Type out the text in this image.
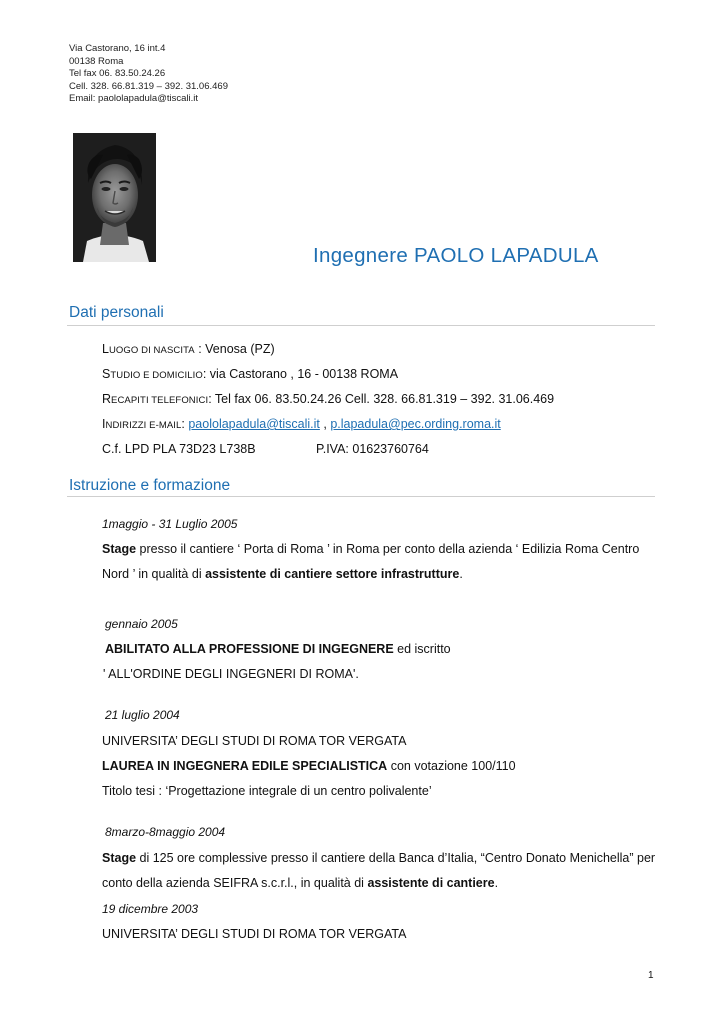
Via Castorano, 16 int.4
00138 Roma
Tel fax 06. 83.50.24.26
Cell. 328. 66.81.319 – 392. 31.06.469
Email: paololapadula@tiscali.it
Ingegnere PAOLO LAPADULA
Dati personali
LUOGO DI NASCITA : Venosa (PZ)
STUDIO E DOMICILIO: via Castorano , 16 - 00138 ROMA
RECAPITI TELEFONICI: Tel fax 06. 83.50.24.26 Cell. 328. 66.81.319 – 392. 31.06.469
INDIRIZZI E-MAIL: paololapadula@tiscali.it , p.lapadula@pec.ording.roma.it
C.f. LPD PLA 73D23 L738B	P.IVA: 01623760764
Istruzione e formazione
1maggio - 31 Luglio 2005
Stage presso il cantiere ‘ Porta di Roma ’ in Roma per conto della azienda ‘ Edilizia Roma Centro
Nord ’ in qualità di assistente di cantiere settore infrastrutture.
gennaio 2005
ABILITATO ALLA PROFESSIONE DI INGEGNERE ed iscritto
' ALL'ORDINE DEGLI INGEGNERI DI ROMA'.
21 luglio 2004
UNIVERSITA’ DEGLI STUDI DI ROMA TOR VERGATA
LAUREA IN INGEGNERA EDILE SPECIALISTICA con votazione 100/110
Titolo tesi : ‘Progettazione integrale di un centro polivalente’
8marzo-8maggio 2004
Stage di 125 ore complessive presso il cantiere della Banca d’Italia, “Centro Donato Menichella” per
conto della azienda SEIFRA s.c.r.l., in qualità di assistente di cantiere.
19 dicembre 2003
UNIVERSITA’ DEGLI STUDI DI ROMA TOR VERGATA
1
